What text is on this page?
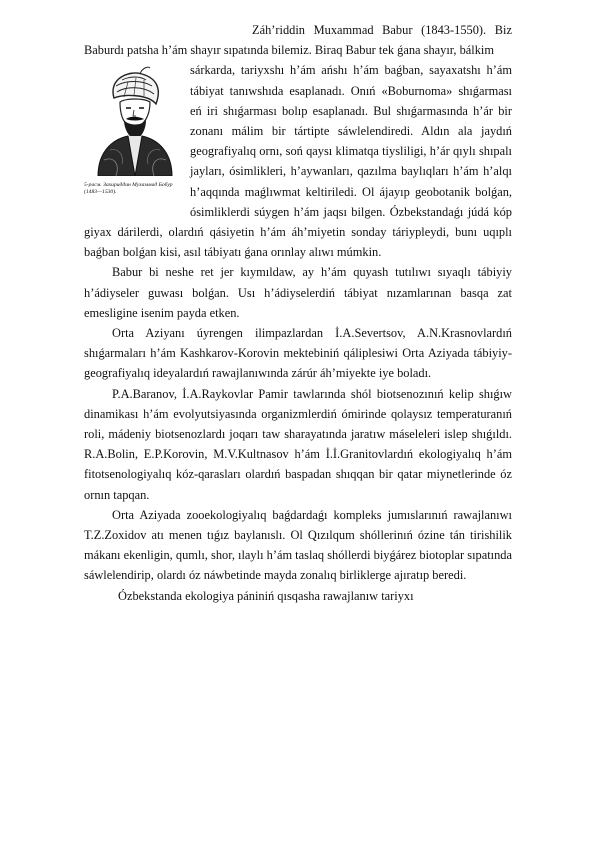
Záh’riddin Muxammad Babur (1843-1550). Biz Baburdı patsha h’ám shayır sıpatında bilemiz. Biraq Babur tek ǵana shayır, bálkim

5-расм. Захириддин Мухаммад Бобур (1483—1530).

sárkarda, tariyxshı h’ám ańshı h’ám baǵban, sayaxatshı h’ám tábiyat tanıwshıda esaplanadı. Onıń «Boburnoma» shıǵarması eń iri shıǵarması bolıp esaplanadı. Bul shıǵarmasında h’ár bir zonanı málim bir tártipte sáwlelendiredi. Aldın ala jaydıń geografiyalıq ornı, soń qaysı klimatqa tiysliligi, h’ár qıylı shıpalı jayları, ósimlikleri, h’aywanları, qazılma baylıqları h’ám h’alqı h’aqqında maǵlıwmat keltiriledi. Ol ájayıp geobotanik bolǵan, ósimliklerdi súygen h’ám jaqsı bilgen. Ózbekstandaǵı júdá kóp giyax dárilerdi, olardıń qásiyetin h’ám áh’miyetin sonday táriypleydi, bunı uqıplı baǵban bolǵan kisi, asıl tábiyatı ǵana orınlay alıwı múmkin.

Babur bi neshe ret jer kıymıldaw, ay h’ám quyash tutılıwı sıyaqlı tábiyiy h’ádiyseler guwası bolǵan. Usı h’ádiyselerdiń tábiyat nızamlarınan basqa zat emesligine isenim payda etken.

Orta Aziyanı úyrengen ilimpazlardan İ.A.Severtsov, A.N.Krasnovlardıń shıǵarmaları h’ám Kashkarov-Korovin mektebiniń qáliplesiwi Orta Aziyada tábiyiy-geografiyalıq ideyalardıń rawajlanıwında zárúr áh’miyekte iye boladı.

P.A.Baranov, İ.A.Raykovlar Pamir tawlarında shól biotsenozınıń kelip shıǵıw dinamikası h’ám evolyutsiyasında organizmlerdiń ómirinde qolaysız temperaturanıń roli, mádeniy biotsenozlardı joqarı taw sharayatında jaratıw máseleleri islep shıǵıldı. R.A.Bolin, E.P.Korovin, M.V.Kultnasov h’ám İ.İ.Granitovlardıń ekologiyalıq h’ám fitotsenologiyalıq kóz-qarasları olardıń baspadan shıqqan bir qatar miynetlerinde óz ornın tapqan.

Orta Aziyada zooekologiyalıq baǵdardaǵı kompleks jumıslarınıń rawajlanıwı T.Z.Zoxidov atı menen tıǵız baylanıslı. Ol Qızılqum shóllerinıń ózine tán tirishilik mákanı ekenligin, qumlı, shor, ılaylı h’ám taslaq shóllerdi biyǵárez biotoplar sıpatında sáwlelendirip, olardı óz náwbetinde mayda zonalıq birliklerge ajıratıp beredi.

Ózbekstanda ekologiya pániniń qısqasha rawajlanıw tariyxı
